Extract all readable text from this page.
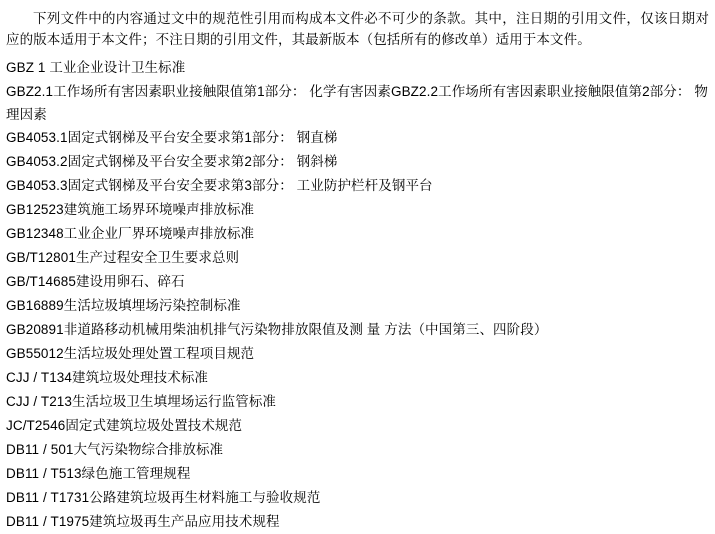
下列文件中的内容通过文中的规范性引用而构成本文件必不可少的条款。其中，注日期的引用文件，仅该日期对应的版本适用于本文件；不注日期的引用文件，其最新版本（包括所有的修改单）适用于本文件。

GBZ 1 工业企业设计卫生标准
GBZ2.1工作场所有害因素职业接触限值第1部分： 化学有害因素GBZ2.2工作场所有害因素职业接触限值第2部分： 物理因素
GB4053.1固定式钢梯及平台安全要求第1部分： 钢直梯
GB4053.2固定式钢梯及平台安全要求第2部分： 钢斜梯
GB4053.3固定式钢梯及平台安全要求第3部分： 工业防护栏杆及钢平台
GB12523建筑施工场界环境噪声排放标准
GB12348工业企业厂界环境噪声排放标准
GB/T12801生产过程安全卫生要求总则
GB/T14685建设用卵石、碎石
GB16889生活垃圾填埋场污染控制标准
GB20891非道路移动机械用柴油机排气污染物排放限值及测 量 方法（中国第三、四阶段）
GB55012生活垃圾处理处置工程项目规范
CJJ / T134建筑垃圾处理技术标准
CJJ / T213生活垃圾卫生填埋场运行监管标准
JC/T2546固定式建筑垃圾处置技术规范
DB11 / 501大气污染物综合排放标准
DB11 / T513绿色施工管理规程
DB11 / T1731公路建筑垃圾再生材料施工与验收规范
DB11 / T1975建筑垃圾再生产品应用技术规程
